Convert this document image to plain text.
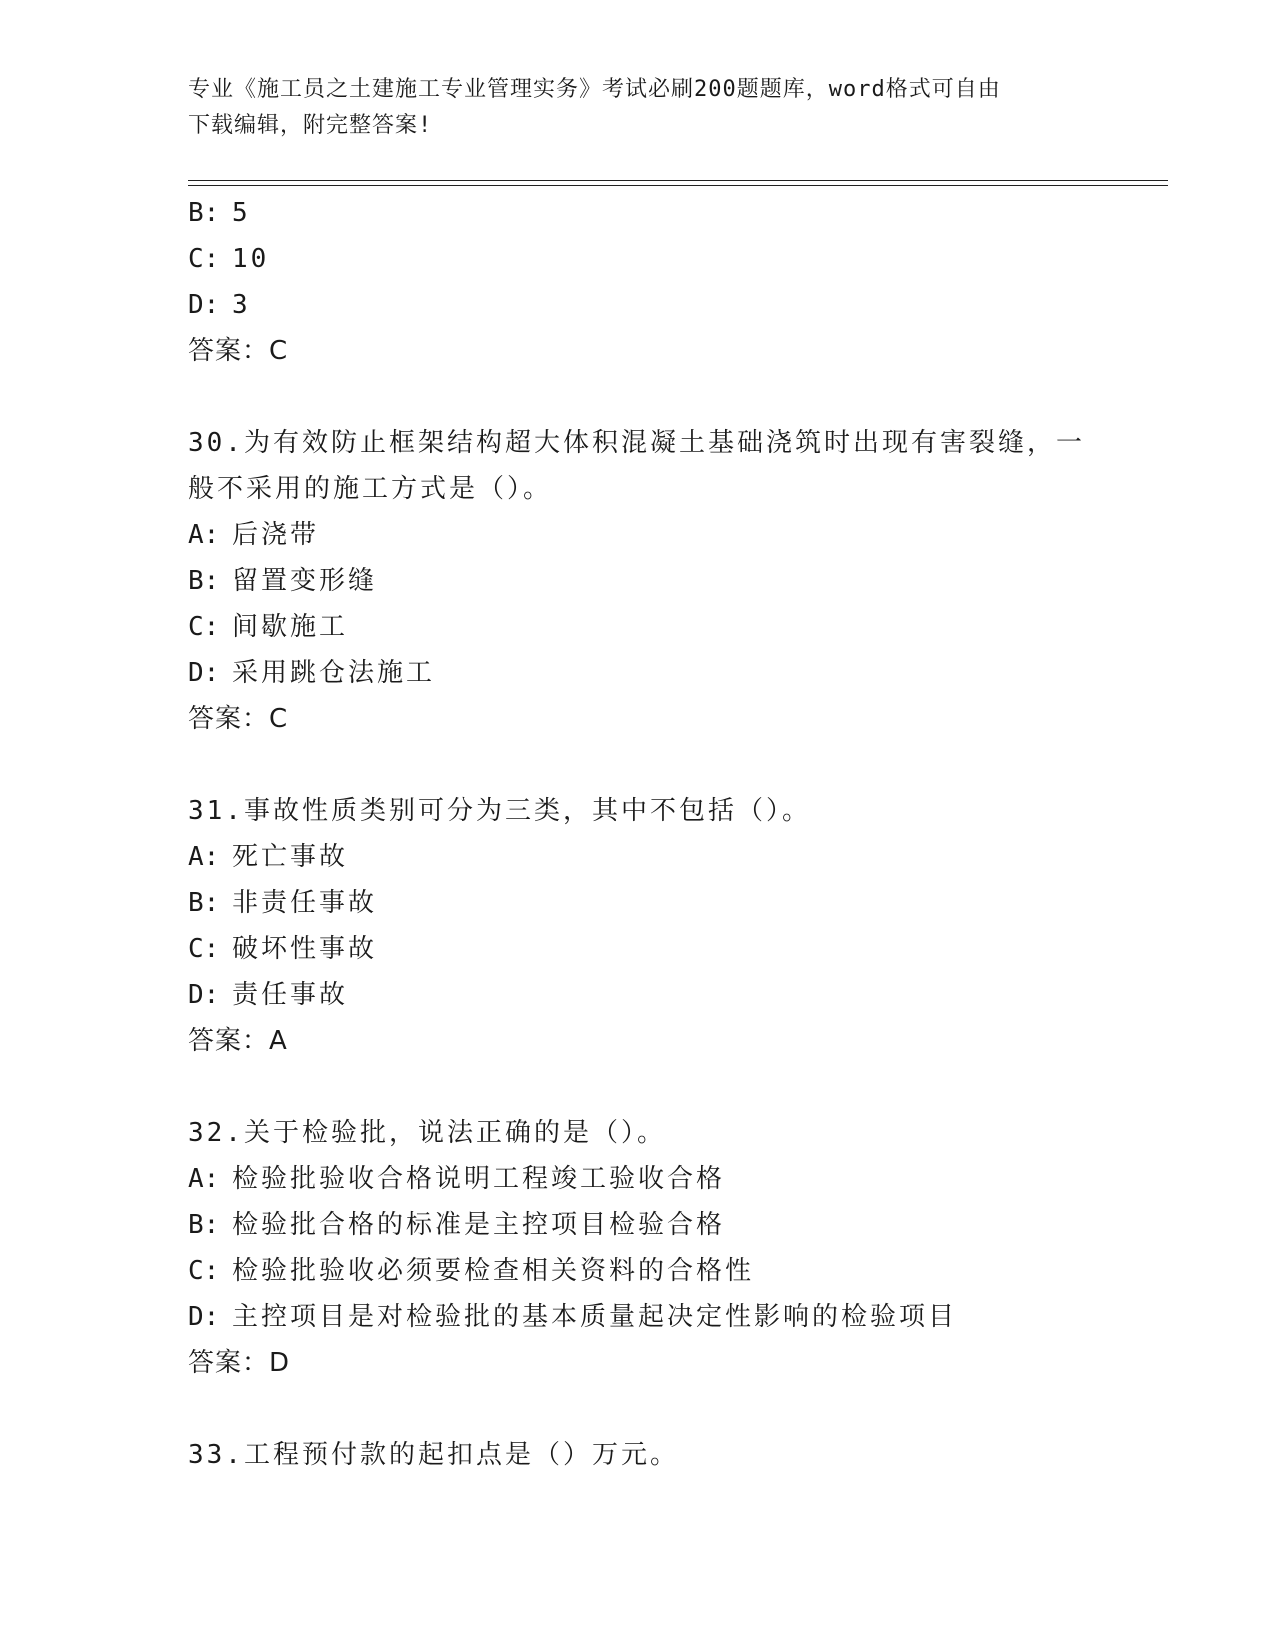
专业《施工员之土建施工专业管理实务》考试必刷200题题库，word格式可自由
下载编辑，附完整答案!
B: 5
C: 10
D: 3
答案：C
30.为有效防止框架结构超大体积混凝土基础浇筑时出现有害裂缝，一
般不采用的施工方式是（）。
A: 后浇带
B: 留置变形缝
C: 间歇施工
D: 采用跳仓法施工
答案：C
31.事故性质类别可分为三类，其中不包括（）。
A: 死亡事故
B: 非责任事故
C: 破坏性事故
D: 责任事故
答案：A
32.关于检验批，说法正确的是（）。
A: 检验批验收合格说明工程竣工验收合格
B: 检验批合格的标准是主控项目检验合格
C: 检验批验收必须要检查相关资料的合格性
D: 主控项目是对检验批的基本质量起决定性影响的检验项目
答案：D
33.工程预付款的起扣点是（）万元。
